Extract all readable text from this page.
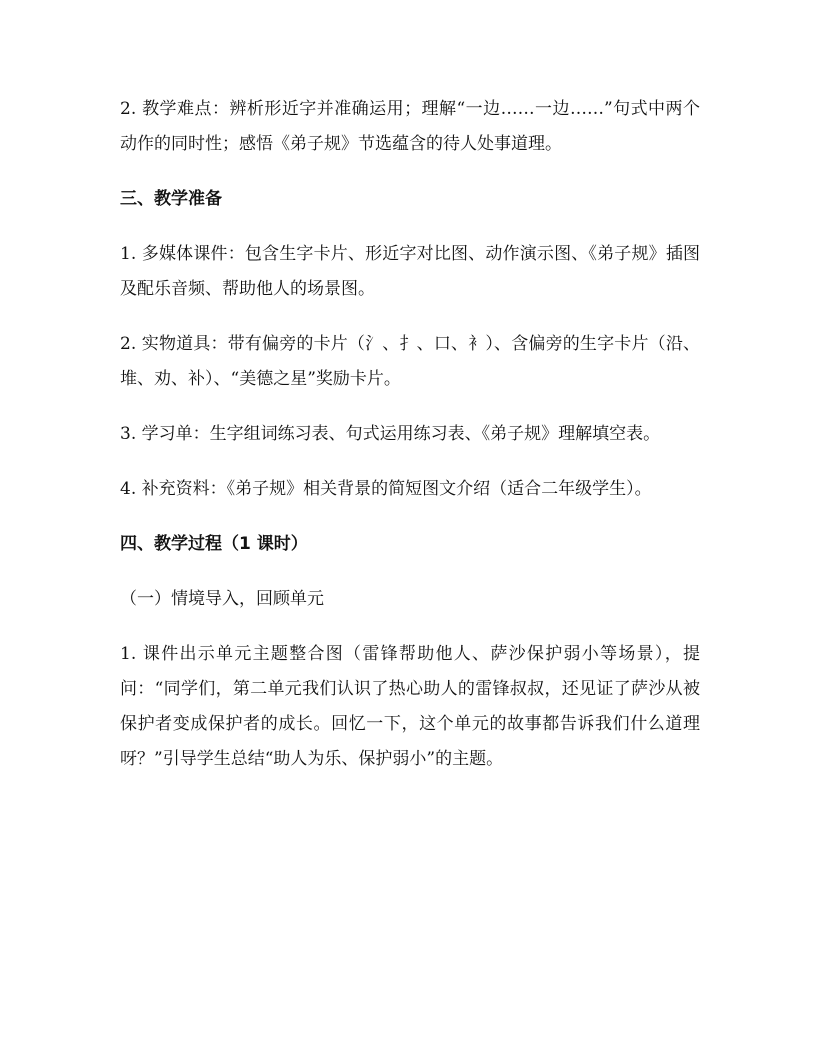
2. 教学难点：辨析形近字并准确运用；理解“一边……一边……”句式中两个动作的同时性；感悟《弟子规》节选蕴含的待人处事道理。

三、教学准备

1. 多媒体课件：包含生字卡片、形近字对比图、动作演示图、《弟子规》插图及配乐音频、帮助他人的场景图。

2. 实物道具：带有偏旁的卡片（氵、扌、口、衤）、含偏旁的生字卡片（沿、堆、劝、补）、“美德之星”奖励卡片。

3. 学习单：生字组词练习表、句式运用练习表、《弟子规》理解填空表。

4. 补充资料：《弟子规》相关背景的简短图文介绍（适合二年级学生）。

四、教学过程（1 课时）

（一）情境导入，回顾单元

1. 课件出示单元主题整合图（雷锋帮助他人、萨沙保护弱小等场景），提问：“同学们，第二单元我们认识了热心助人的雷锋叔叔，还见证了萨沙从被保护者变成保护者的成长。回忆一下，这个单元的故事都告诉我们什么道理呀？”引导学生总结“助人为乐、保护弱小”的主题。
